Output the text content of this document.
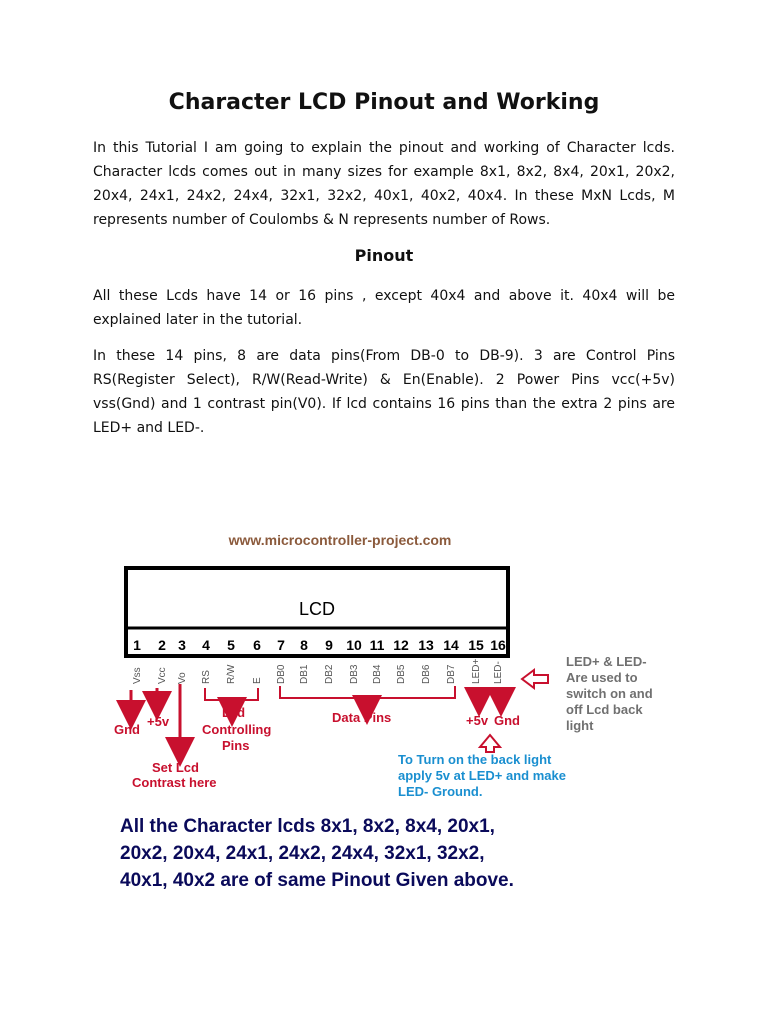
Character LCD Pinout and Working

In this Tutorial I am going to explain the pinout and working of Character lcds. Character lcds comes out in many sizes for example 8x1, 8x2, 8x4, 20x1, 20x2, 20x4, 24x1, 24x2, 24x4, 32x1, 32x2, 40x1, 40x2, 40x4. In these MxN Lcds, M represents number of Coulombs & N represents number of Rows.

Pinout

All these Lcds have 14 or 16 pins , except 40x4 and above it. 40x4 will be explained later in the tutorial.

In these 14 pins, 8 are data pins(From DB-0 to DB-9). 3 are Control Pins RS(Register Select), R/W(Read-Write) & En(Enable). 2 Power Pins vcc(+5v) vss(Gnd) and 1 contrast pin(V0). If lcd contains 16 pins than the extra 2 pins are LED+ and LED-.

www.microcontroller-project.com
LCD
1 2 3 4 5 6 7 8 9 10 11 12 13 14 15 16
Vss Vcc Vo RS R/W E DB0 DB1 DB2 DB3 DB4 DB5 DB6 DB7 LED+ LED-
Gnd
+5v
Set Lcd
Contrast here
Lcd
Controlling
Pins
Data Pins	+5v Gnd
LED+ & LED-
Are used to
switch on and
off Lcd back
light
To Turn on the back light
apply 5v at LED+ and make
LED- Ground.
All the Character lcds 8x1, 8x2, 8x4, 20x1,
20x2, 20x4, 24x1, 24x2, 24x4, 32x1, 32x2,
40x1, 40x2 are of same Pinout Given above.
